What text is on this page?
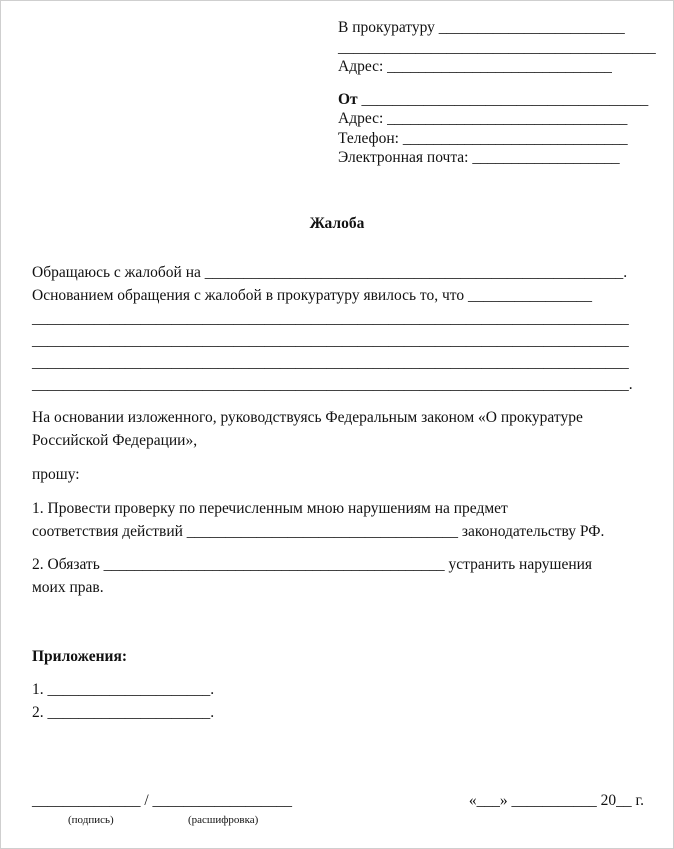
В прокуратуру ________________________
_________________________________________
Адрес: _____________________________
От _____________________________________
Адрес: _______________________________
Телефон: _____________________________
Электронная почта: ___________________
Жалоба
Обращаюсь с жалобой на ______________________________________________________.
Основанием обращения с жалобой в прокуратуру явилось то, что ________________
_____________________________________________________________________________
_____________________________________________________________________________
_____________________________________________________________________________
_____________________________________________________________________________.
На основании изложенного, руководствуясь Федеральным законом «О прокуратуре
Российской Федерации»,
прошу:
1. Провести проверку по перечисленным мною нарушениям на предмет
соответствия действий ___________________________________ законодательству РФ.
2. Обязать ____________________________________________ устранить нарушения
моих прав.
Приложения:
1. _____________________.
2. _____________________.
______________ / __________________	«___» ___________ 20__ г.
(подпись)	(расшифровка)
